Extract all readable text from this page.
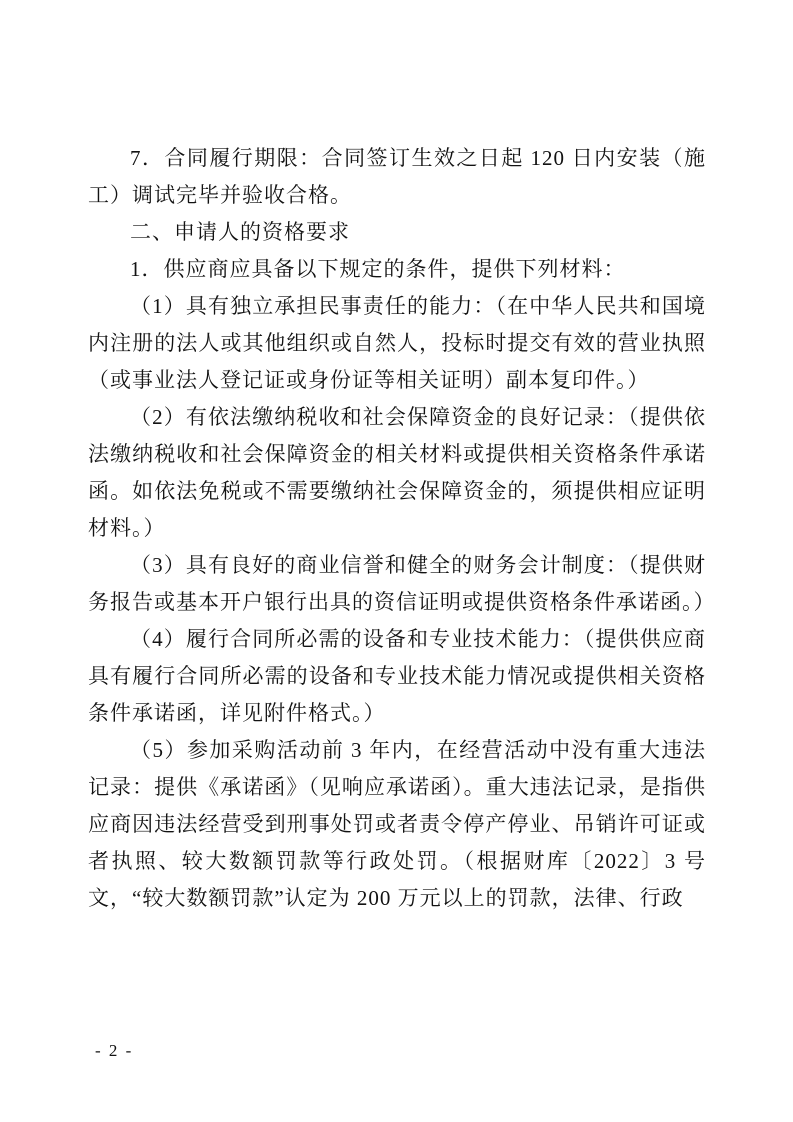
7．合同履行期限：合同签订生效之日起 120 日内安装（施工）调试完毕并验收合格。

二、申请人的资格要求

1．供应商应具备以下规定的条件，提供下列材料：

（1）具有独立承担民事责任的能力：（在中华人民共和国境内注册的法人或其他组织或自然人，投标时提交有效的营业执照（或事业法人登记证或身份证等相关证明）副本复印件。）

（2）有依法缴纳税收和社会保障资金的良好记录：（提供依法缴纳税收和社会保障资金的相关材料或提供相关资格条件承诺函。如依法免税或不需要缴纳社会保障资金的，须提供相应证明材料。）

（3）具有良好的商业信誉和健全的财务会计制度：（提供财务报告或基本开户银行出具的资信证明或提供资格条件承诺函。）

（4）履行合同所必需的设备和专业技术能力：（提供供应商具有履行合同所必需的设备和专业技术能力情况或提供相关资格条件承诺函，详见附件格式。）

（5）参加采购活动前 3 年内，在经营活动中没有重大违法记录：提供《承诺函》（见响应承诺函）。重大违法记录，是指供应商因违法经营受到刑事处罚或者责令停产停业、吊销许可证或者执照、较大数额罚款等行政处罚。（根据财库〔2022〕3 号文，“较大数额罚款”认定为 200 万元以上的罚款，法律、行政

- 2 -
